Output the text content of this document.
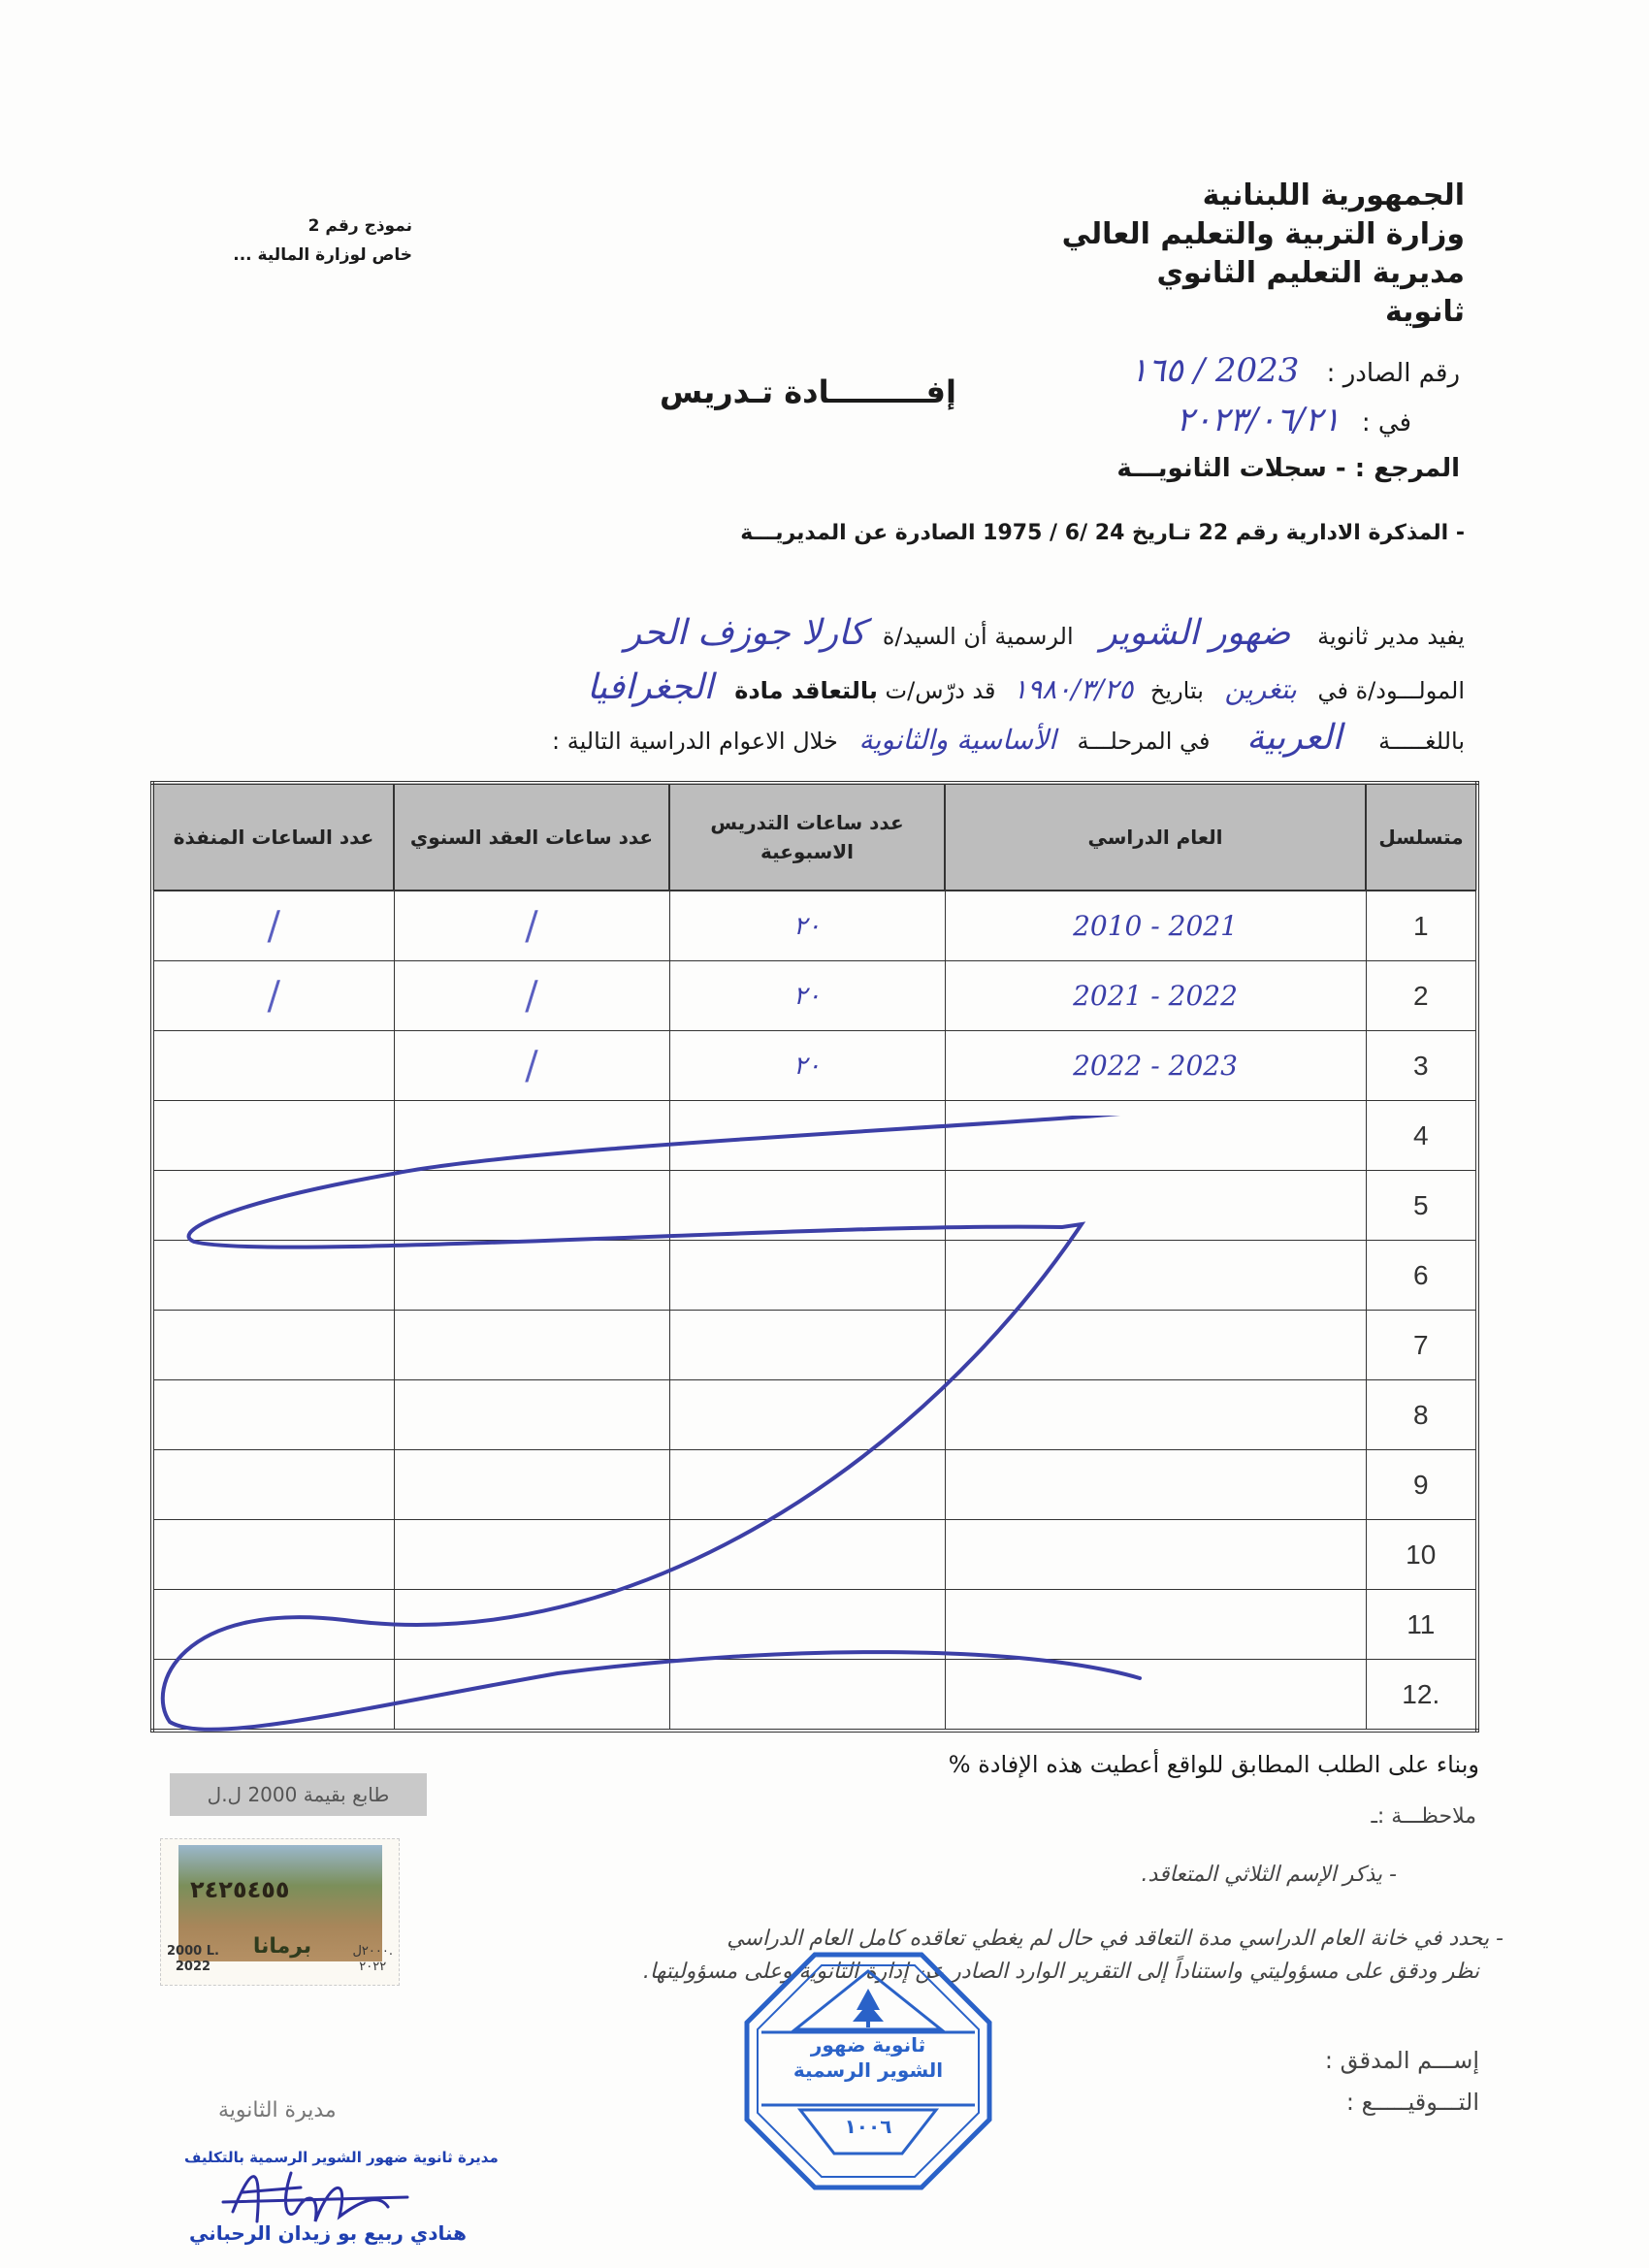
الجمهورية اللبنانية
وزارة التربية والتعليم العالي
مديرية التعليم الثانوي
ثانوية
نموذج رقم 2
خاص لوزارة المالية ...
رقم الصادر : 2023 / ١٦٥
في : ٢٠٢٣/٠٦/٢١
إفـــــــــادة تـدريس
المرجع : - سجلات الثانويـــة
- المذكرة الادارية رقم 22 تـاريخ 24 /6 / 1975 الصادرة عن المديريـــة
يفيد مدير ثانوية ضهور الشوير الرسمية أن السيد/ة كارلا جوزف الحر
المولـــود/ة في بتغرين بتاريخ ١٩٨٠/٣/٢٥ قد درّس/ت بالتعاقد مادة الجغرافيا
باللغـــــة العربية في المرحلـــة الأساسية والثانوية خلال الاعوام الدراسية التالية :
متسلسل	العام الدراسي	عدد ساعات التدريس الاسبوعية	عدد ساعات العقد السنوي	عدد الساعات المنفذة
1	2021 - 2010	٢٠	/	/
2	2022 - 2021	٢٠	/	/
3	2023 - 2022	٢٠	/	
4				
5				
6				
7				
8				
9				
10				
11				
.12				
وبناء على الطلب المطابق للواقع أعطيت هذه الإفادة %
طابع بقيمة 2000 ل.ل
ملاحظـــة :ـ
- يذكر الإسم الثلاثي المتعاقد.
- يحدد في خانة العام الدراسي مدة التعاقد في حال لم يغطي تعاقده كامل العام الدراسي
نظر ودقق على مسؤوليتي واستناداً إلى التقرير الوارد الصادر عن إدارة الثانوية وعلى مسؤوليتها.
إســـم المدقق :
التـــوقيـــــع :
٢٤٢٥٤٥٥
برمانا
2000 L.
2022
٢٠٠٠ل.
٢٠٢٢
ثانوية ضهور الشوير الرسمية
١٠٠٦
مديرة الثانوية
مديرة ثانوية ضهور الشوير الرسمية بالتكليف
هنادي ربيع بو زيدان الرحباني
